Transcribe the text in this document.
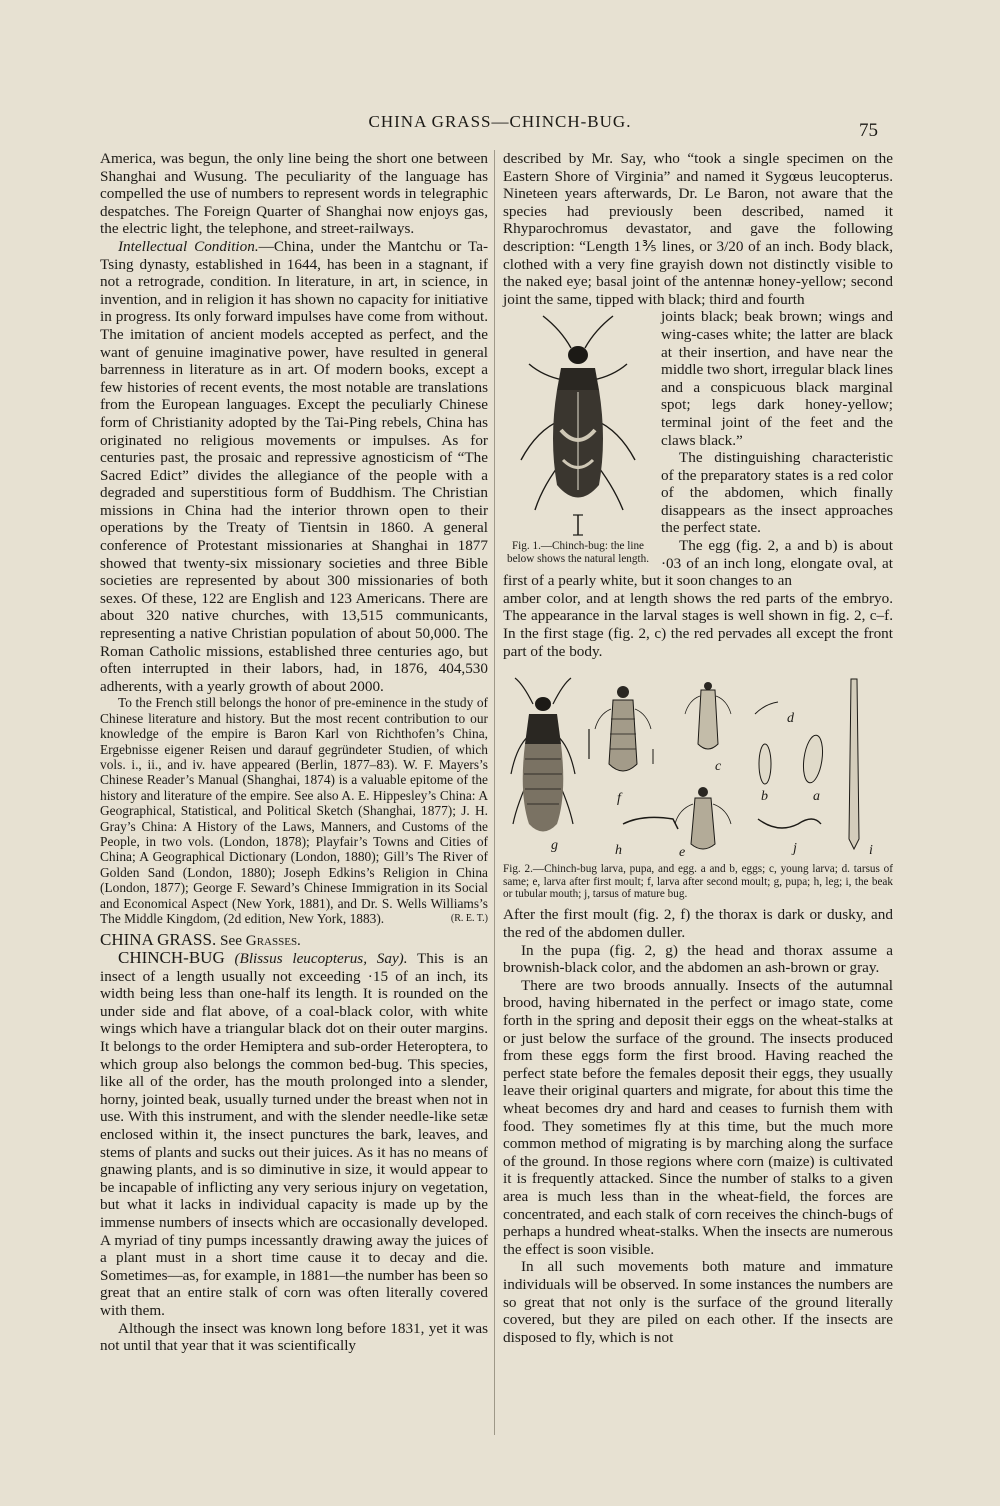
CHINA GRASS—CHINCH-BUG.	75

America, was begun, the only line being the short one between Shanghai and Wusung. The peculiarity of the language has compelled the use of numbers to represent words in telegraphic despatches. The Foreign Quarter of Shanghai now enjoys gas, the electric light, the telephone, and street-railways.

Intellectual Condition.—China, under the Mantchu or Ta-Tsing dynasty, established in 1644, has been in a stagnant, if not a retrograde, condition. In literature, in art, in science, in invention, and in religion it has shown no capacity for initiative in progress. Its only forward impulses have come from without. The imitation of ancient models accepted as perfect, and the want of genuine imaginative power, have resulted in general barrenness in literature as in art. Of modern books, except a few histories of recent events, the most notable are translations from the European languages. Except the peculiarly Chinese form of Christianity adopted by the Tai-Ping rebels, China has originated no religious movements or impulses. As for centuries past, the prosaic and repressive agnosticism of “The Sacred Edict” divides the allegiance of the people with a degraded and superstitious form of Buddhism. The Christian missions in China had the interior thrown open to their operations by the Treaty of Tientsin in 1860. A general conference of Protestant missionaries at Shanghai in 1877 showed that twenty-six missionary societies and three Bible societies are represented by about 300 missionaries of both sexes. Of these, 122 are English and 123 Americans. There are about 320 native churches, with 13,515 communicants, representing a native Christian population of about 50,000. The Roman Catholic missions, established three centuries ago, but often interrupted in their labors, had, in 1876, 404,530 adherents, with a yearly growth of about 2000.

To the French still belongs the honor of pre-eminence in the study of Chinese literature and history. But the most recent contribution to our knowledge of the empire is Baron Karl von Richthofen’s China, Ergebnisse eigener Reisen und darauf gegründeter Studien, of which vols. i., ii., and iv. have appeared (Berlin, 1877–83). W. F. Mayers’s Chinese Reader’s Manual (Shanghai, 1874) is a valuable epitome of the history and literature of the empire. See also A. E. Hippesley’s China: A Geographical, Statistical, and Political Sketch (Shanghai, 1877); J. H. Gray’s China: A History of the Laws, Manners, and Customs of the People, in two vols. (London, 1878); Playfair’s Towns and Cities of China; A Geographical Dictionary (London, 1880); Gill’s The River of Golden Sand (London, 1880); Joseph Edkins’s Religion in China (London, 1877); George F. Seward’s Chinese Immigration in its Social and Economical Aspect (New York, 1881), and Dr. S. Wells Williams’s The Middle Kingdom, (2d edition, New York, 1883).	(R. E. T.)

CHINA GRASS. See Grasses.

CHINCH-BUG (Blissus leucopterus, Say). This is an insect of a length usually not exceeding ·15 of an inch, its width being less than one-half its length. It is rounded on the under side and flat above, of a coal-black color, with white wings which have a triangular black dot on their outer margins. It belongs to the order Hemiptera and sub-order Heteroptera, to which group also belongs the common bed-bug. This species, like all of the order, has the mouth prolonged into a slender, horny, jointed beak, usually turned under the breast when not in use. With this instrument, and with the slender needle-like setæ enclosed within it, the insect punctures the bark, leaves, and stems of plants and sucks out their juices. As it has no means of gnawing plants, and is so diminutive in size, it would appear to be incapable of inflicting any very serious injury on vegetation, but what it lacks in individual capacity is made up by the immense numbers of insects which are occasionally developed. A myriad of tiny pumps incessantly drawing away the juices of a plant must in a short time cause it to decay and die. Sometimes—as, for example, in 1881—the number has been so great that an entire stalk of corn was often literally covered with them.

Although the insect was known long before 1831, yet it was not until that year that it was scientifically

described by Mr. Say, who “took a single specimen on the Eastern Shore of Virginia” and named it Sygœus leucopterus. Nineteen years afterwards, Dr. Le Baron, not aware that the species had previously been described, named it Rhyparochromus devastator, and gave the following description: “Length 1⅗ lines, or 3/20 of an inch. Body black, clothed with a very fine grayish down not distinctly visible to the naked eye; basal joint of the antennæ honey-yellow; second joint the same, tipped with black; third and fourth

Fig. 1.—Chinch-bug: the line below shows the natural length.

joints black; beak brown; wings and wing-cases white; the latter are black at their insertion, and have near the middle two short, irregular black lines and a conspicuous black marginal spot; legs dark honey-yellow; terminal joint of the feet and the claws black.”

The distinguishing characteristic of the preparatory states is a red color of the abdomen, which finally disappears as the insect approaches the perfect state.

The egg (fig. 2, a and b) is about ·03 of an inch long, elongate oval, at first of a pearly white, but it soon changes to an

amber color, and at length shows the red parts of the embryo. The appearance in the larval stages is well shown in fig. 2, c–f. In the first stage (fig. 2, c) the red pervades all except the front part of the body.

g	h
f
e
d
b	a
c
j	i
Fig. 2.—Chinch-bug larva, pupa, and egg. a and b, eggs; c, young larva; d. tarsus of same; e, larva after first moult; f, larva after second moult; g, pupa; h, leg; i, the beak or tubular mouth; j, tarsus of mature bug.

After the first moult (fig. 2, f) the thorax is dark or dusky, and the red of the abdomen duller.

In the pupa (fig. 2, g) the head and thorax assume a brownish-black color, and the abdomen an ash-brown or gray.

There are two broods annually. Insects of the autumnal brood, having hibernated in the perfect or imago state, come forth in the spring and deposit their eggs on the wheat-stalks at or just below the surface of the ground. The insects produced from these eggs form the first brood. Having reached the perfect state before the females deposit their eggs, they usually leave their original quarters and migrate, for about this time the wheat becomes dry and hard and ceases to furnish them with food. They sometimes fly at this time, but the much more common method of migrating is by marching along the surface of the ground. In those regions where corn (maize) is cultivated it is frequently attacked. Since the number of stalks to a given area is much less than in the wheat-field, the forces are concentrated, and each stalk of corn receives the chinch-bugs of perhaps a hundred wheat-stalks. When the insects are numerous the effect is soon visible.

In all such movements both mature and immature individuals will be observed. In some instances the numbers are so great that not only is the surface of the ground literally covered, but they are piled on each other. If the insects are disposed to fly, which is not
